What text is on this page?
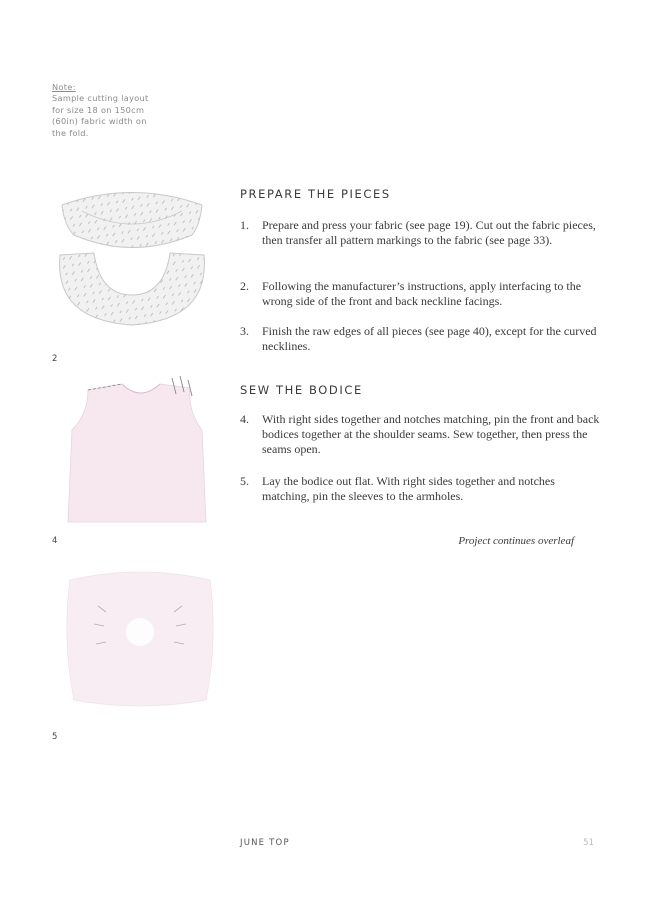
Note:

Sample cutting layout for size 18 on 150cm (60in) fabric width on the fold.

2
4
5
PREPARE THE PIECES
1.	Prepare and press your fabric (see page 19). Cut out the fabric pieces, then transfer all pattern markings to the fabric (see page 33).
2.	Following the manufacturer’s instructions, apply interfacing to the wrong side of the front and back neckline facings.
3.	Finish the raw edges of all pieces (see page 40), except for the curved necklines.
SEW THE BODICE
4.	With right sides together and notches matching, pin the front and back bodices together at the shoulder seams. Sew together, then press the seams open.
5.	Lay the bodice out flat. With right sides together and notches matching, pin the sleeves to the armholes.
Project continues overleaf
JUNE TOP	51
